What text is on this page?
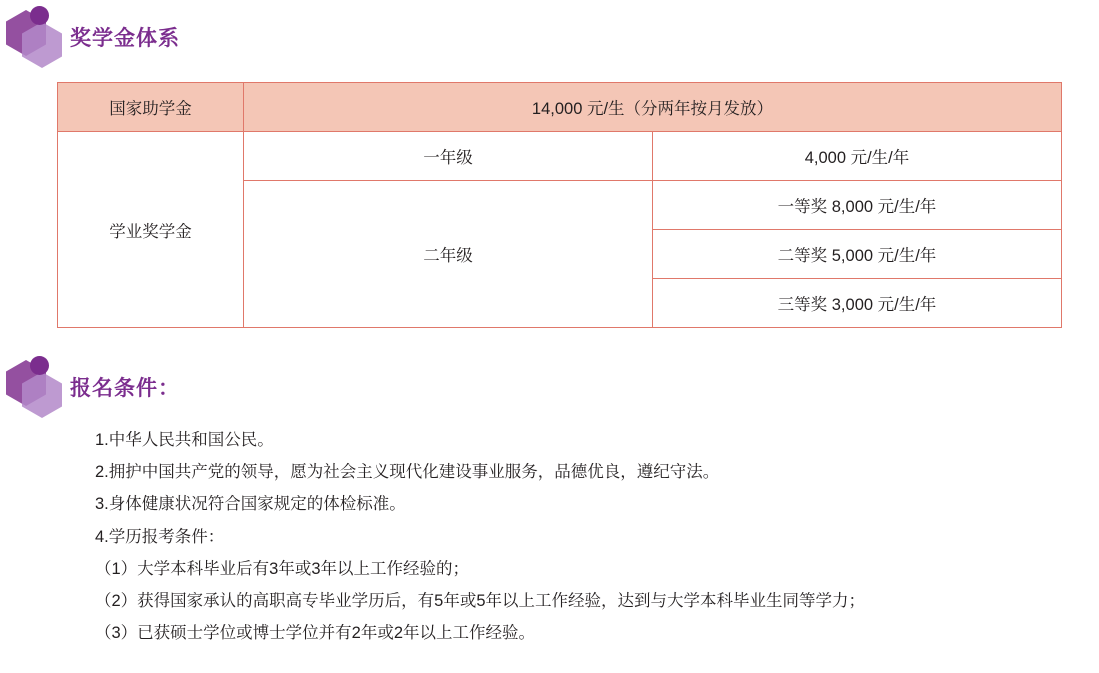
奖学金体系
国家助学金	14,000 元/生（分两年按月发放）	
学业奖学金	一年级	4,000 元/生/年
	二年级	一等奖 8,000 元/生/年
		二等奖 5,000 元/生/年
		三等奖 3,000 元/生/年
报名条件：
1.中华人民共和国公民。
2.拥护中国共产党的领导，愿为社会主义现代化建设事业服务，品德优良，遵纪守法。
3.身体健康状况符合国家规定的体检标准。
4.学历报考条件：
（1）大学本科毕业后有3年或3年以上工作经验的；
（2）获得国家承认的高职高专毕业学历后，有5年或5年以上工作经验，达到与大学本科毕业生同等学力；
（3）已获硕士学位或博士学位并有2年或2年以上工作经验。
